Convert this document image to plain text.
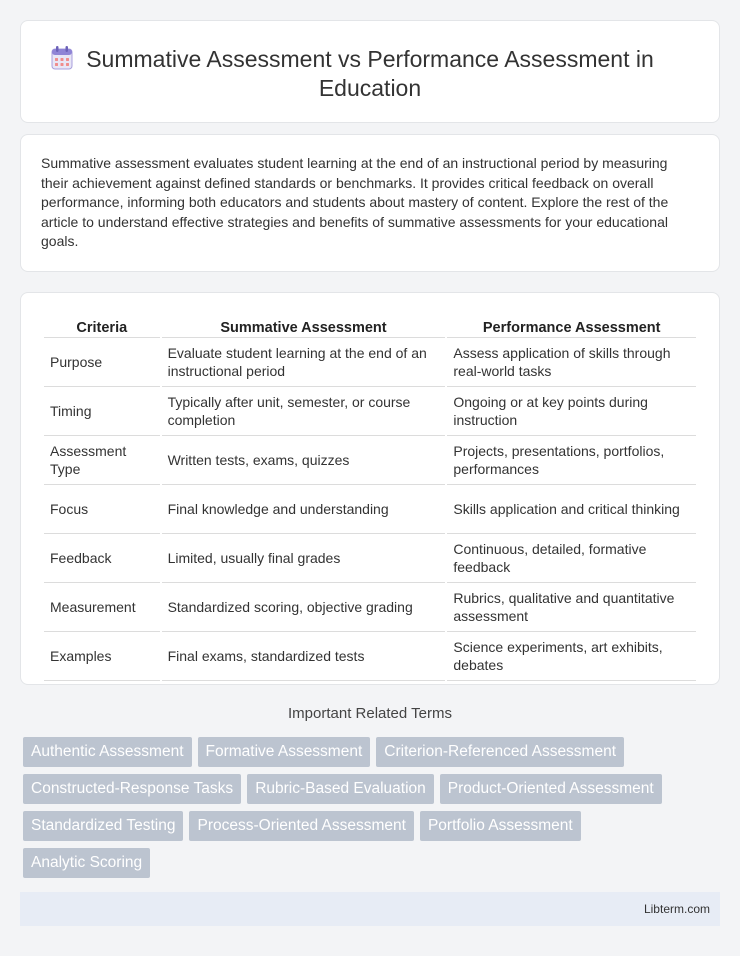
Summative Assessment vs Performance Assessment in
Education

Summative assessment evaluates student learning at the end of an instructional period by measuring their achievement against defined standards or benchmarks. It provides critical feedback on overall performance, informing both educators and students about mastery of content. Explore the rest of the article to understand effective strategies and benefits of summative assessments for your educational goals.

Criteria	Summative Assessment	Performance Assessment
Purpose	Evaluate student learning at the end of an instructional period	Assess application of skills through real-world tasks
Timing	Typically after unit, semester, or course completion	Ongoing or at key points during instruction
Assessment Type	Written tests, exams, quizzes	Projects, presentations, portfolios, performances
Focus	Final knowledge and understanding	Skills application and critical thinking
Feedback	Limited, usually final grades	Continuous, detailed, formative feedback
Measurement	Standardized scoring, objective grading	Rubrics, qualitative and quantitative assessment
Examples	Final exams, standardized tests	Science experiments, art exhibits, debates
Important Related Terms
Authentic Assessment	Formative Assessment	Criterion-Referenced Assessment
Constructed-Response Tasks	Rubric-Based Evaluation	Product-Oriented Assessment
Standardized Testing	Process-Oriented Assessment	Portfolio Assessment
Analytic Scoring
Libterm.com
